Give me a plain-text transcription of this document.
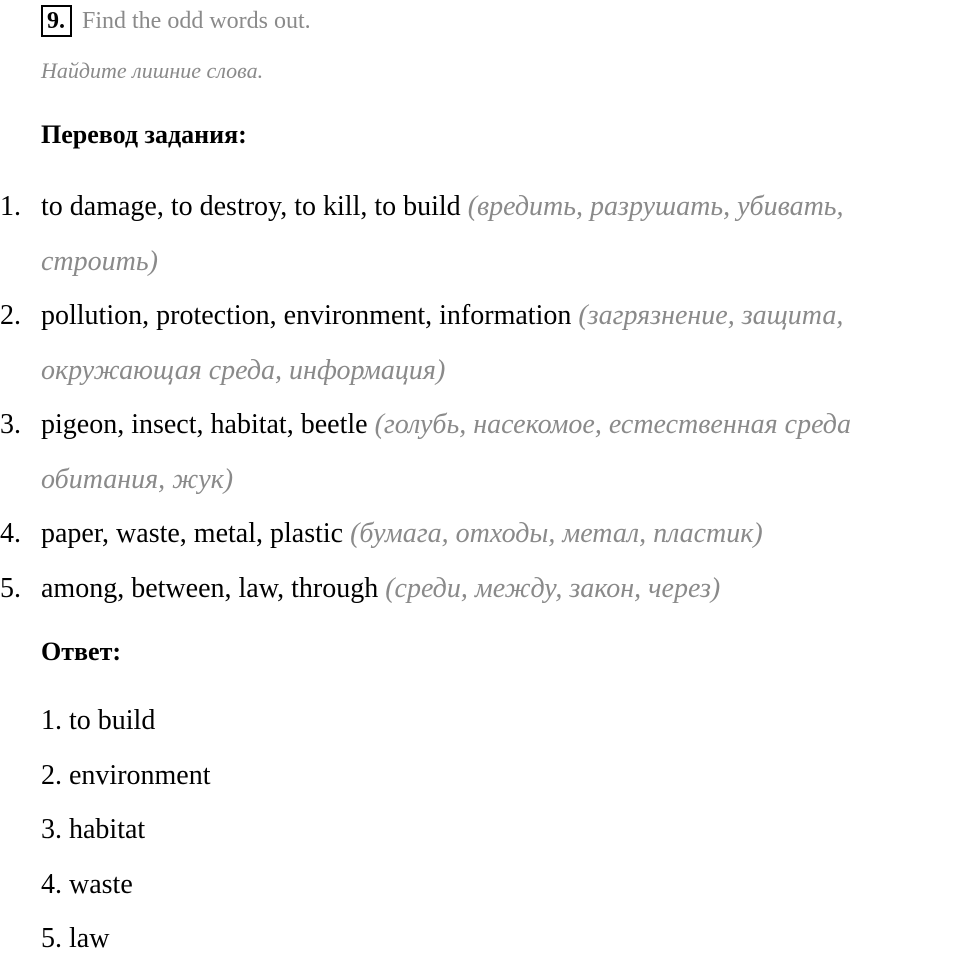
9. Find the odd words out.
Найдите лишние слова.
Перевод задания:
1. to damage, to destroy, to kill, to build (вредить, разрушать, убивать, строить)
2. pollution, protection, environment, information (загрязнение, защита, окружающая среда, информация)
3. pigeon, insect, habitat, beetle (голубь, насекомое, естественная среда обитания, жук)
4. paper, waste, metal, plastic (бумага, отходы, метал, пластик)
5. among, between, law, through (среди, между, закон, через)
Ответ:
1. to build
2. environment
3. habitat
4. waste
5. law
